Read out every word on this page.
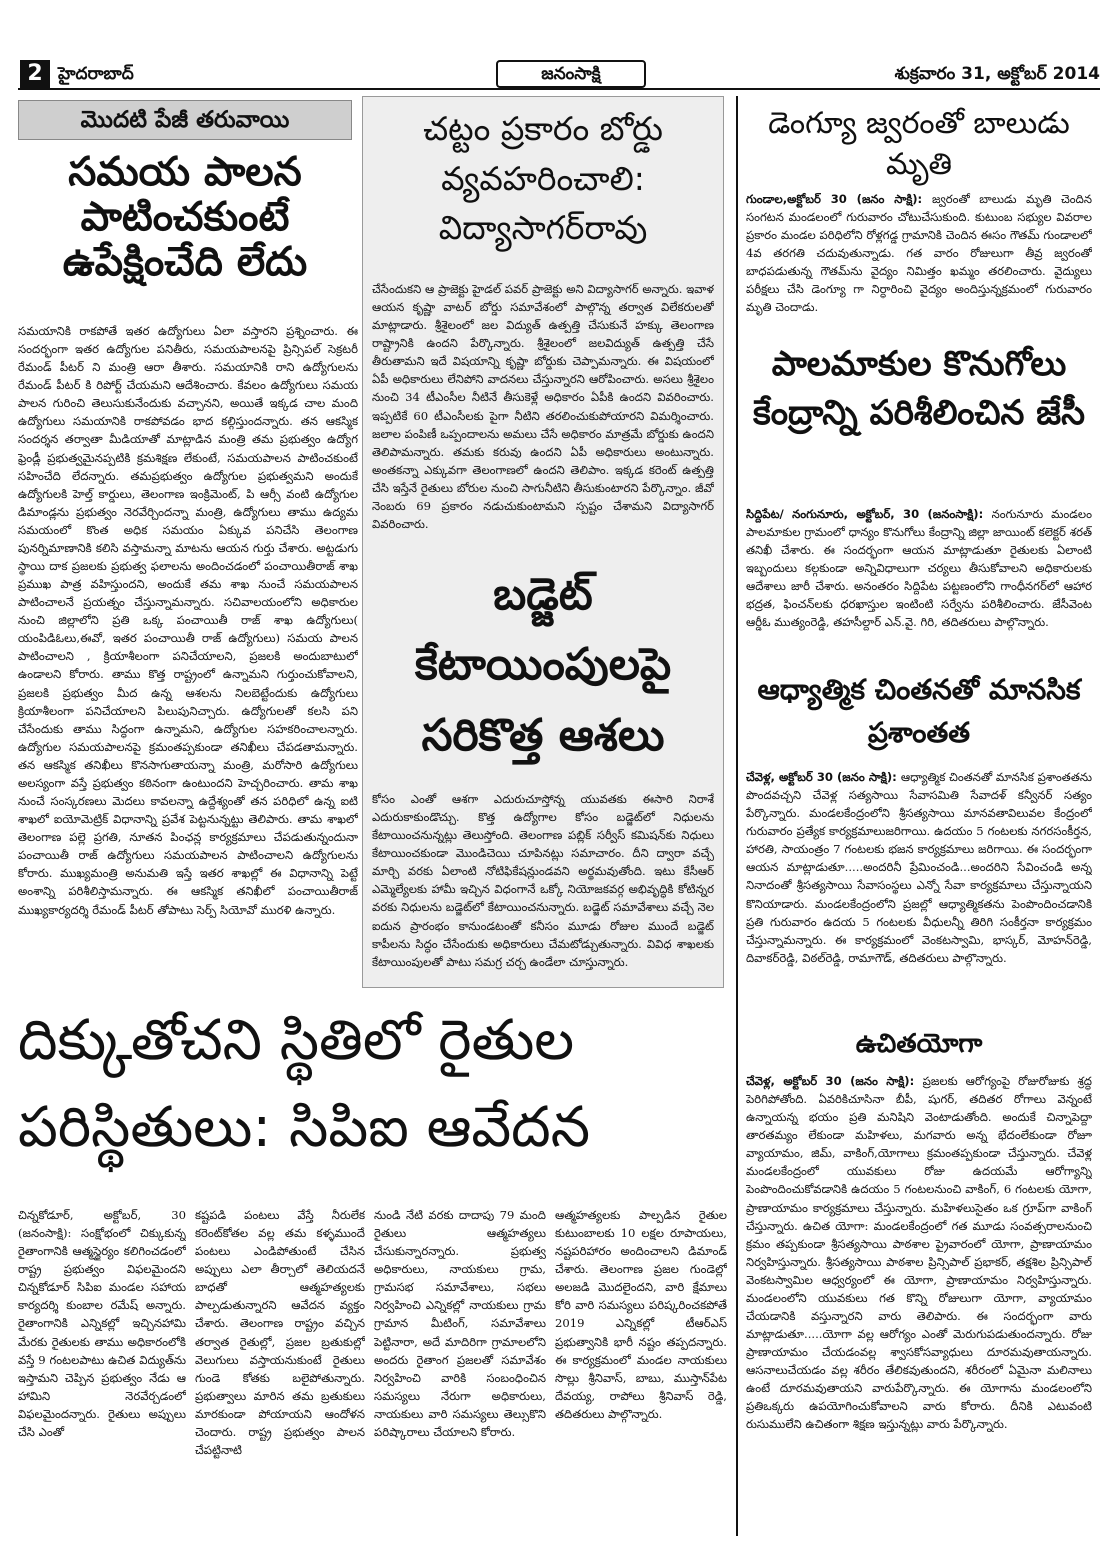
2 హైదరాబాద్	జనంసాక్షి	శుక్రవారం 31, అక్టోబర్ 2014
మొదటి పేజీ తరువాయి
సమయ పాలన పాటించకుంటే ఉపేక్షించేది లేదు
సమయానికి రాకపోతే ఇతర ఉద్యోగులు ఏలా వస్తారని ప్రశ్నించారు. ఈ సందర్భంగా ఇతర ఉద్యోగుల పనితీరు, సమయపాలనపై ప్రిన్సిపల్ సెక్రటరీ రేమండ్ పీటర్ ని మంత్రి ఆరా తీశారు. సమయానికి రాని ఉద్యోగులను రేమండ్ పీటర్ కి రిపోర్ట్ చేయమని ఆదేశించారు. కేవలం ఉద్యోగులు సమయ పాలన గురించి తెలుసుకునేందుకు వచ్చానని, అయితే ఇక్కడ చాల మంది ఉద్యోగులు సమయానికి రాకపోవడం భాద కల్గిస్తుందన్నారు. తన ఆకస్మిక సందర్శన తర్వాతా మీడియాతో మాట్లాడిన మంత్రి తమ ప్రభుత్వం ఉద్యోగ ఫ్రెండ్లీ ప్రభుత్వమైనప్పటికి క్రమశిక్షణ లేకుంటే, సమయపాలన పాటించకుంటే సహించేది లేదన్నారు. తమప్రభుత్వం ఉద్యోగుల ప్రభుత్వమని అందుకే ఉద్యోగులకి హెల్త్ కార్డులు, తెలంగాణ ఇంక్రిమెంట్, పి ఆర్సీ వంటి ఉద్యోగుల డిమాండ్లను ప్రభుత్వం నెరవేర్చిందన్నా మంత్రి, ఉద్యోగులు తాము ఉద్యమ సమయంలో కొంత అధిక సమయం ఏక్కువ పనిచేసి తెలంగాణ పునర్నిమాణానికి కలిసి వస్తామన్నా మాటను ఆయన గుర్తు చేశారు. అట్టడుగు స్థాయి దాక ప్రజలకు ప్రభుత్వ ఫలాలను అందించడంలో పంచాయితీరాజ్ శాఖ ప్రముఖ పాత్ర వహిస్తుందని, అందుకే తమ శాఖ నుంచే సమయపాలన పాటించాలనే ప్రయత్నం చేస్తున్నామన్నారు. సచివాలయంలోని అధికారుల నుంచి జిల్లాలోని ప్రతి ఒక్క పంచాయితీ రాజ్ శాఖ ఉద్యోగులు( యంపిడిఓలు,ఈవో, ఇతర పంచాయితీ రాజ్ ఉద్యోగులు) సమయ పాలన పాటించాలని , క్రియాశీలంగా పనిచేయాలని, ప్రజలకి అందుబాటులో ఉండాలని కోరారు. తాము కొత్త రాష్ట్రంలో ఉన్నామని గుర్తుంచుకోవాలని, ప్రజలకి ప్రభుత్వం మీద ఉన్న ఆశలను నిలబెట్టేందుకు ఉద్యోగులు క్రియాశీలంగా పనిచేయాలని పిలుపునిచ్చారు. ఉద్యోగులతో కలసి పని చేసేందుకు తాము సిద్ధంగా ఉన్నామని, ఉద్యోగుల సహకరించాలన్నారు. ఉద్యోగుల సమయపాలనపై క్రమంతప్పకుండా తనిఖీలు చేపడతామన్నారు. తన ఆకస్మిక తనిఖీలు కొనసాగుతాయన్నా మంత్రి, మరోసారి ఉద్యోగులు అలస్యంగా వస్తే ప్రభుత్వం కఠినంగా ఉంటుందని హెచ్చరించారు. తామ శాఖ నుంచే సంస్కరణలు మెదలు కావలన్నా ఉద్దేశ్యంతో తన పరిధిలో ఉన్న ఐటి శాఖలో ఐయోమెట్రిక్ విధానాన్ని ప్రవేశ పెట్టనున్నట్టు తెలిపారు. తామ శాఖలో తెలంగాణ పల్లె ప్రగతి, నూతన పింఛన్ల కార్యక్రమాలు చేపడుతున్నందునా పంచాయితీ రాజ్ ఉద్యోగులు సమయపాలన పాటించాలని ఉద్యోగులను కోరారు. ముఖ్యమంత్రి అనుమతి ఇస్తే ఇతర శాఖల్లో ఈ విధానాన్ని పెట్టే అంశాన్ని పరిశీలిస్తామన్నారు. ఈ ఆకస్మిక తనిఖీలో పంచాయితీరాజ్ ముఖ్యకార్యదర్శి రేమండ్ పీటర్ తోపాటు సెర్ప్ సియోవో మురళి ఉన్నారు.
చట్టం ప్రకారం బోర్డు వ్యవహరించాలి: విద్యాసాగర్‌రావు
చేసేందుకని ఆ ప్రాజెక్టు హైడల్ పవర్ ప్రాజెక్టు అని విద్యాసాగర్ అన్నారు. ఇవాళ ఆయన కృష్ణా వాటర్ బోర్డు సమావేశంలో పాల్గొన్న తర్వాత విలేకరులతో మాట్లాడారు. శ్రీశైలంలో జల విద్యుత్ ఉత్పత్తి చేసుకునే హక్కు తెలంగాణ రాష్ట్రానికి ఉందని పేర్కొన్నారు. శ్రీశైలంలో జలవిద్యుత్ ఉత్పత్తి చేసే తీరుతామని ఇదే విషయాన్ని కృష్ణా బోర్డుకు చెప్పామన్నారు. ఈ విషయంలో ఏపీ అధికారులు లేనిపోని వాదనలు చేస్తున్నారని ఆరోపించారు. అసలు శ్రీశైలం నుంచి 34 టీఎంసీల నీటినే తీసుకెళ్లే అధికారం ఏపీకి ఉందని వివరించారు. ఇప్పటికే 60 టీఎంసీలకు పైగా నీటిని తరలించుకుపోయారని విమర్శించారు. జలాల పంపిణీ ఒప్పందాలను అమలు చేసే అధికారం మాత్రమే బోర్డుకు ఉందని తెలిపామన్నారు. తమకు కరువు ఉందని ఏపీ అధికారులు అంటున్నారు. అంతకన్నా ఎక్కువగా తెలంగాణలో ఉందని తెలిపాం. ఇక్కడ కరెంట్ ఉత్పత్తి చేసి ఇస్తేనే రైతులు బోరుల నుంచి సాగునీటిని తీసుకుంటారని పేర్కొన్నాం. జీవో నెంబరు 69 ప్రకారం నడుచుకుంటామని స్పష్టం చేశామని విద్యాసాగర్ వివరించారు.
బడ్జెట్ కేటాయింపులపై సరికొత్త ఆశలు
కోసం ఎంతో ఆశగా ఎదురుచూస్తోన్న యువతకు ఈసారి నిరాశే ఎదురుకాకుండొచ్చు. కొత్త ఉద్యోగాల కోసం బడ్జెట్‌లో నిధులను కేటాయించనున్నట్లు తెలుస్తోంది. తెలంగాణ పబ్లిక్ సర్వీస్ కమిషన్‌కు నిధులు కేటాయించకుండా మొండిచెయి చూపినట్లు సమాచారం. దీని ద్వారా వచ్చే మార్చి వరకు ఏలాంటి నోటిఫికేషన్లుండవని అర్థమవుతోంది. ఇటు కేసీఆర్ ఎమ్మెల్యేలకు హామీ ఇచ్చిన విధంగానే ఒక్కో నియోజకవర్గ అభివృద్ధికి కోటిన్నర వరకు నిధులను బడ్జెట్‌లో కేటాయించనున్నారు. బడ్జెట్ సమావేశాలు వచ్చే నెల ఐదున ప్రారంభం కానుండటంతో కనీసం మూడు రోజుల ముందే బడ్జెట్ కాపీలను సిద్ధం చేసేందుకు అధికారులు చేమటోడ్చుతున్నారు. వివిధ శాఖలకు కేటాయింపులతో పాటు సమగ్ర చర్చ ఉండేలా చూస్తున్నారు.
డెంగ్యూ జ్వరంతో బాలుడు మృతి
గుండాల,అక్టోబర్ 30 (జనం సాక్షి): జ్వరంతో బాలుడు మృతి చెందిన సంగటన మండలంలో గురువారం చోటుచేసుకుంది. కుటుంబ సభ్యుల వివరాల ప్రకారం మండల పరిధిలోని రోళ్లగడ్డ గ్రామానికి చెందిన ఈసం గౌతమ్ గుండాలలో 4వ తరగతి చదువుతున్నాడు. గత వారం రోజులుగా తీవ్ర జ్వరంతో బాధపడుతున్న గౌతమ్‌ను వైద్యం నిమిత్తం ఖమ్మం తరలించారు. వైద్యులు పరీక్షలు చేసి డెంగ్యూ గా నిర్ధారించి వైద్యం అందిస్తున్నక్రమంలో గురువారం మృతి చెందాడు.
పాలమాకుల కొనుగోలు కేంద్రాన్ని పరిశీలించిన జేసీ
సిద్దిపేట/ నంగునూరు, అక్టోబర్, 30 (జనంసాక్షి): నంగునూరు మండలం పాలమాకుల గ్రామంలో ధాన్యం కొనుగోలు కేంద్రాన్ని జిల్లా జాయింట్ కలెక్టర్ శరత్ తనిఖీ చేశారు. ఈ సందర్భంగా ఆయన మాట్లాడుతూ రైతులకు ఏలాంటి ఇబ్బందులు కల్గకుండా అన్నివిధాలుగా చర్యలు తీసుకోవాలని అధికారులకు ఆదేశాలు జారీ చేశారు. అనంతరం సిద్దిపేట పట్టణంలోని గాంధీనగర్‌లో ఆహార భద్రత, ఫించన్‌లకు ధరఖాస్తుల ఇంటింటి సర్వేను పరిశీలించారు. జేసీవెంట ఆర్డీఓ ముత్యంరెడ్డి, తహసీల్దార్ ఎన్.వై. గిరి, తదితరులు పాల్గొన్నారు.
ఆధ్యాత్మిక చింతనతో మానసిక ప్రశాంతత
చేవెళ్ల, అక్టోబర్ 30 (జనం సాక్షి): ఆధ్యాత్మిక చింతనతో మానసిక ప్రశాంతతను పొందవచ్చని చేవెళ్ల సత్యసాయి సేవాసమితి సేవాదళ్ కన్వీనర్ సత్యం పేర్కొన్నారు. మండలకేంద్రంలోని శ్రీసత్యసాయి మానవతావిలువల కేంద్రంలో గురువారం ప్రత్యేక కార్యక్రమాలుజరిగాయి. ఉదయం 5 గంటలకు నగరసంకీర్తన, హారతి, సాయంత్రం 7 గంటలకు భజన కార్యక్రమాలు జరిగాయి. ఈ సందర్భంగా ఆయన మాట్లాడుతూ.....అందరినీ ప్రేమించండి...అందరిని సేవించండి అన్న నినాదంతో శ్రీసత్యసాయి సేవాసంస్థలు ఎన్నో సేవా కార్యక్రమాలు చేస్తున్నాయని కొనియాడారు. మండలకేంద్రంలోని ప్రజల్లో ఆధ్యాత్మికతను పెంపొందించడానికి ప్రతి గురువారం ఉదయ 5 గంటలకు వీధులన్నీ తిరిగి సంకీర్తనా కార్యక్రమం చేస్తున్నామన్నారు. ఈ కార్యక్రమంలో వెంకటస్వామి, భాస్కర్, మోహన్‌రెడ్డి, దివాకర్‌రెడ్డి, విఠల్‌రెడ్డి, రామాగౌడ్, తదితరులు పాల్గొన్నారు.
ఉచితయోగా
చేవెళ్ల, అక్టోబర్ 30 (జనం సాక్షి): ప్రజలకు ఆరోగ్యంపై రోజురోజుకు శ్రద్ధ పెరిగిపోతోంది. ఏవరికిచూసినా బీపీ, షుగర్, తదితర రోగాలు వెన్నంటే ఉన్నాయన్న భయం ప్రతి మనిషిని వెంటాడుతోంది. అందుకే చిన్నాపెద్దా తారతమ్యం లేకుండా మహిళలు, మగవారు అన్న భేదంలేకుండా రోజూ వ్యాయామం, జిమ్, వాకింగ్,యోగాలు క్రమంతప్పకుండా చేస్తున్నారు. చేవెళ్ల మండలకేంద్రంలో యువకులు రోజు ఉదయమే ఆరోగ్యాన్ని పెంపొందించుకోవడానికి ఉదయం 5 గంటలనుంచి వాకింగ్, 6 గంటలకు యోగా, ప్రాణాయామం కార్యక్రమాలు చేస్తున్నారు. మహిళలుసైతం ఒక గ్రూప్‌గా వాకింగ్ చేస్తున్నారు. ఉచిత యోగా: మండలకేంద్రంలో గత మూడు సంవత్సరాలనుంచి క్రమం తప్పకుండా శ్రీసత్యసాయి పాఠశాల ప్రైవారంలో యోగా, ప్రాణాయామం నిర్వహిస్తున్నారు. శ్రీసత్యసాయి పాఠశాల ప్రిన్సిపాల్ ప్రభాకర్, తక్షశిల ప్రిన్సిపాల్ వెంకటస్వామిల ఆధ్వర్యంలో ఈ యోగా, ప్రాణాయామం నిర్వహిస్తున్నారు. మండలంలోని యువకులు గత కొన్ని రోజులుగా యోగా, వ్యాయామం చేయడానికి వస్తున్నారని వారు తెలిపారు. ఈ సందర్భంగా వారు మాట్లాడుతూ.....యోగా వల్ల ఆరోగ్యం ఎంతో మెరుగుపడుతుందన్నారు. రోజు ప్రాణాయామం చేయడంవల్ల శ్వాసకోసవ్యాధులు దూరమవుతాయన్నారు. ఆసనాలుచేయడం వల్ల శరీరం తేలికవుతుందని, శరీరంలో ఏమైనా మలినాలు ఉంటే దూరమవుతాయని వారుపేర్కొన్నారు. ఈ యోగాను మండలంలోని ప్రతిఒక్కరు ఉపయోగించుకోవాలని వారు కోరారు. దీనికి ఎటువంటి రుసుములేని ఉచితంగా శిక్షణ ఇస్తున్నట్లు వారు పేర్కొన్నారు.
దిక్కుతోచని స్థితిలో రైతుల పరిస్థితులు: సిపిఐ ఆవేదన
చిన్నకోడూర్, అక్టోబర్, 30 (జనంసాక్షి): సంక్షోభంలో చిక్కుకున్న రైతాంగానికి ఆత్మస్థైర్యం కలిగించడంలో రాష్ట్ర ప్రభుత్వం విఫలమైందని చిన్నకోడూర్ సిపిఐ మండల సహాయ కార్యదర్శి కుంబాల రమేష్ అన్నారు. రైతాంగానికి ఎన్నికల్లో ఇచ్చినహామి మేరకు రైతులకు తాము అధికారంలోకి వస్తే 9 గంటలపాటు ఉచిత విద్యుత్‌ను ఇస్తామని చెప్పిన ప్రభుత్వం నేడు ఆ హామిని నెరవేర్చడంలో విఫలమైందన్నారు. రైతులు అప్పులు చేసి ఎంతో
కష్టపడి పంటలు వేస్తే నీరులేక కరెంట్‌కోతల వల్ల తమ కళ్ళముందే పంటలు ఎండిపోతుంటే చేసిన అప్పులు ఎలా తీర్చాలో తెలియదనే బాధతో ఆత్మహత్యలకు పాల్పడుతున్నారని ఆవేదన వ్యక్తం చేశారు. తెలంగాణ రాష్ట్రం వచ్చిన తర్వాత రైతుల్లో, ప్రజల బ్రతుకుల్లో వెలుగులు వస్తాయనుకుంటే రైతులు గుండె కోతకు బలైపోతున్నారు. ప్రభుత్వాలు మారిన తమ బ్రతుకులు మారకుండా పోయాయని ఆందోళన చెందారు. రాష్ట్ర ప్రభుత్వం పాలన చేపట్టినాటి
నుండి నేటి వరకు దాదాపు 79 మంది రైతులు ఆత్మహత్యలు చేసుకున్నారన్నారు. ప్రభుత్వ అధికారులు, నాయకులు గ్రామ, గ్రామసభ సమావేశాలు, సభలు నిర్వహించి ఎన్నికల్లో నాయకులు గ్రామ గ్రామాన మీటింగ్, సమావేశాలు పెట్టినారా, అదే మాదిరిగా గ్రామాలలోని అందరు రైతాంగ ప్రజలతో సమావేశం నిర్వహించి వారికి సంబంధించిన సమస్యలు నేరుగా అధికారులు, నాయకులు వారి సమస్యలు తెల్సుకొని పరిష్కారాలు చేయాలని కోరారు.
ఆత్మహత్యలకు పాల్పడిన రైతుల కుటుంబాలకు 10 లక్షల రూపాయలు, నష్టపరిహారం అందించాలని డిమాండ్ చేశారు. తెలంగాణ ప్రజల గుండెల్లో అలజడి మొదలైందని, వారి క్షేమాలు కోరి వారి సమస్యలు పరిష్కరించకపోతే 2019 ఎన్నికల్లో టీఆర్‌ఎస్ ప్రభుత్వానికి భారీ నష్టం తప్పదన్నారు. ఈ కార్యక్రమంలో మండల నాయకులు సొల్లు శ్రీనివాస్, బాబు, ముస్తాన్‌పేట దేవయ్య, రాపోలు శ్రీనివాస్ రెడ్డి, తదితరులు పాల్గొన్నారు.
